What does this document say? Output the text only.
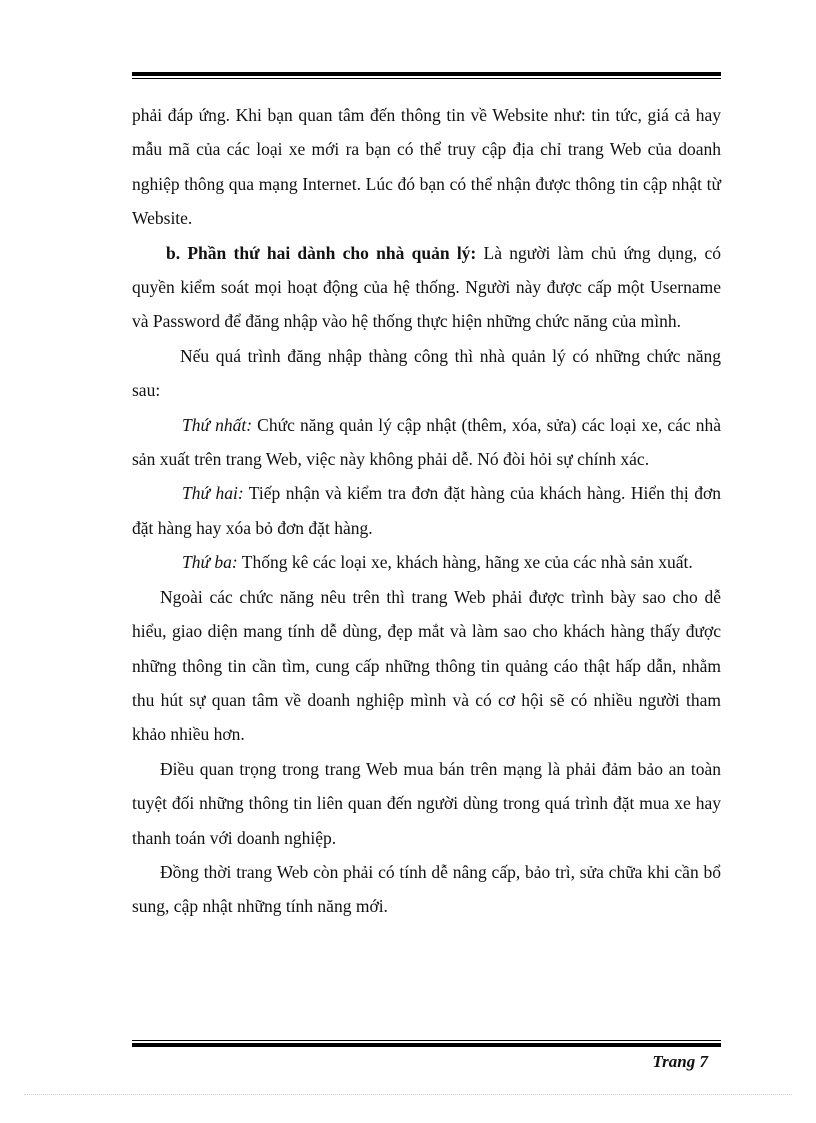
phải đáp ứng. Khi bạn quan tâm đến thông tin về Website như: tin tức, giá cả hay mẫu mã của các loại xe mới ra bạn có thể truy cập địa chỉ trang Web của doanh nghiệp thông qua mạng Internet. Lúc đó bạn có thể nhận được thông tin cập nhật từ Website.

b. Phần thứ hai dành cho nhà quản lý: Là người làm chủ ứng dụng, có quyền kiểm soát mọi hoạt động của hệ thống. Người này được cấp một Username và Password để đăng nhập vào hệ thống thực hiện những chức năng của mình.

Nếu quá trình đăng nhập thàng công thì nhà quản lý có những chức năng sau:

Thứ nhất: Chức năng quản lý cập nhật (thêm, xóa, sửa) các loại xe, các nhà sản xuất trên trang Web, việc này không phải dễ. Nó đòi hỏi sự chính xác.

Thứ hai: Tiếp nhận và kiểm tra đơn đặt hàng của khách hàng. Hiển thị đơn đặt hàng hay xóa bỏ đơn đặt hàng.

Thứ ba: Thống kê các loại xe, khách hàng, hãng xe của các nhà sản xuất.

Ngoài các chức năng nêu trên thì trang Web phải được trình bày sao cho dễ hiểu, giao diện mang tính dễ dùng, đẹp mắt và làm sao cho khách hàng thấy được những thông tin cần tìm, cung cấp những thông tin quảng cáo thật hấp dẫn, nhằm thu hút sự quan tâm về doanh nghiệp mình và có cơ hội sẽ có nhiều người tham khảo nhiều hơn.

Điều quan trọng trong trang Web mua bán trên mạng là phải đảm bảo an toàn tuyệt đối những thông tin liên quan đến người dùng trong quá trình đặt mua xe hay thanh toán với doanh nghiệp.

Đồng thời trang Web còn phải có tính dễ nâng cấp, bảo trì, sửa chữa khi cần bổ sung, cập nhật những tính năng mới.

Trang 7
